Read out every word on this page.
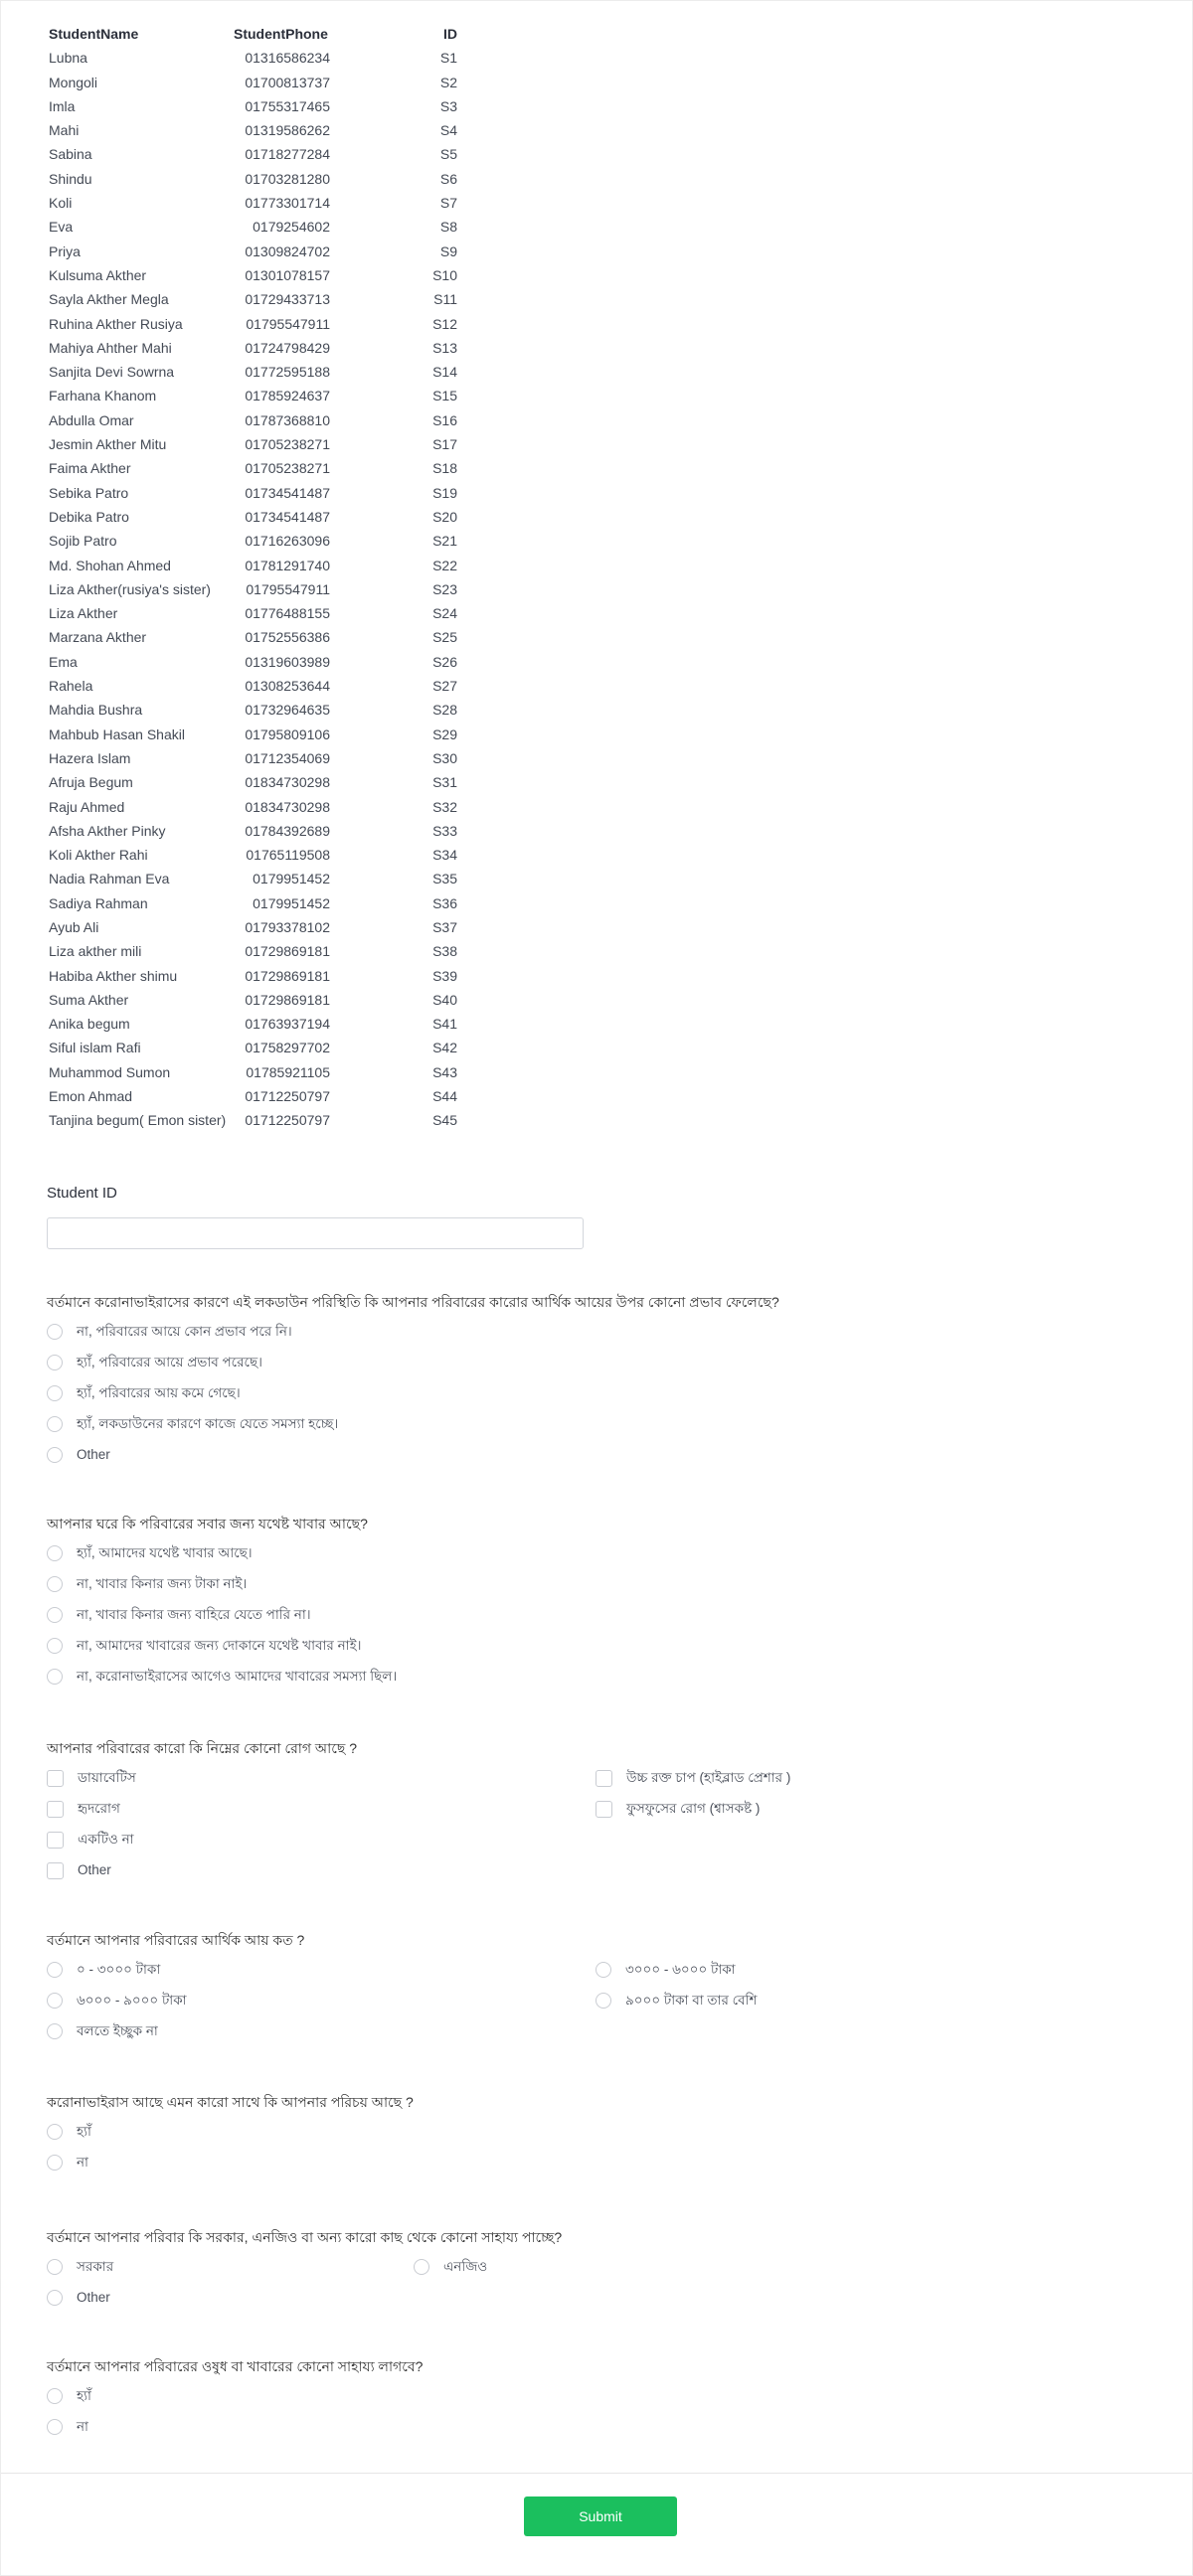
StudentName	StudentPhone	ID
Lubna	01316586234	S1
Mongoli	01700813737	S2
Imla	01755317465	S3
Mahi	01319586262	S4
Sabina	01718277284	S5
Shindu	01703281280	S6
Koli	01773301714	S7
Eva	0179254602	S8
Priya	01309824702	S9
Kulsuma Akther	01301078157	S10
Sayla Akther Megla	01729433713	S11
Ruhina Akther Rusiya	01795547911	S12
Mahiya Ahther Mahi	01724798429	S13
Sanjita Devi Sowrna	01772595188	S14
Farhana Khanom	01785924637	S15
Abdulla Omar	01787368810	S16
Jesmin Akther Mitu	01705238271	S17
Faima Akther	01705238271	S18
Sebika Patro	01734541487	S19
Debika Patro	01734541487	S20
Sojib Patro	01716263096	S21
Md. Shohan Ahmed	01781291740	S22
Liza Akther(rusiya's sister)	01795547911	S23
Liza Akther	01776488155	S24
Marzana Akther	01752556386	S25
Ema	01319603989	S26
Rahela	01308253644	S27
Mahdia Bushra	01732964635	S28
Mahbub Hasan Shakil	01795809106	S29
Hazera Islam	01712354069	S30
Afruja Begum	01834730298	S31
Raju Ahmed	01834730298	S32
Afsha Akther Pinky	01784392689	S33
Koli Akther Rahi	01765119508	S34
Nadia Rahman Eva	0179951452	S35
Sadiya Rahman	0179951452	S36
Ayub Ali	01793378102	S37
Liza akther mili	01729869181	S38
Habiba Akther shimu	01729869181	S39
Suma Akther	01729869181	S40
Anika begum	01763937194	S41
Siful islam Rafi	01758297702	S42
Muhammod Sumon	01785921105	S43
Emon Ahmad	01712250797	S44
Tanjina begum( Emon sister)	01712250797	S45
Student ID
বর্তমানে করোনাভাইরাসের কারণে এই লকডাউন পরিস্থিতি কি আপনার পরিবারের কারোর আর্থিক আয়ের উপর কোনো প্রভাব ফেলেছে?
না, পরিবারের আয়ে কোন প্রভাব পরে নি।
হ্যাঁ, পরিবারের আয়ে প্রভাব পরেছে।
হ্যাঁ, পরিবারের আয় কমে গেছে।
হ্যাঁ, লকডাউনের কারণে কাজে যেতে সমস্যা হচ্ছে।
Other
আপনার ঘরে কি পরিবারের সবার জন্য যথেষ্ট খাবার আছে?
হ্যাঁ, আমাদের যথেষ্ট খাবার আছে।
না, খাবার কিনার জন্য টাকা নাই।
না, খাবার কিনার জন্য বাহিরে যেতে পারি না।
না, আমাদের খাবারের জন্য দোকানে যথেষ্ট খাবার নাই।
না, করোনাভাইরাসের আগেও আমাদের খাবারের সমস্যা ছিল।
আপনার পরিবারের কারো কি নিম্নের কোনো রোগ আছে ?
ডায়াবেটিস
হৃদরোগ
একটিও না
Other
উচ্চ রক্ত চাপ (হাইব্লাড প্রেশার )
ফুসফুসের রোগ (শ্বাসকষ্ট )
বর্তমানে আপনার পরিবারের আর্থিক আয় কত ?
০ - ৩০০০ টাকা
৬০০০ - ৯০০০ টাকা
বলতে ইচ্ছুক না
৩০০০ - ৬০০০ টাকা
৯০০০ টাকা বা তার বেশি
করোনাভাইরাস আছে এমন কারো সাথে কি আপনার পরিচয় আছে ?
হ্যাঁ
না
বর্তমানে আপনার পরিবার কি সরকার, এনজিও বা অন্য কারো কাছ থেকে কোনো সাহায্য পাচ্ছে?
সরকার
Other
এনজিও
বর্তমানে আপনার পরিবারের ওষুধ বা খাবারের কোনো সাহায্য লাগবে?
হ্যাঁ
না
Submit
